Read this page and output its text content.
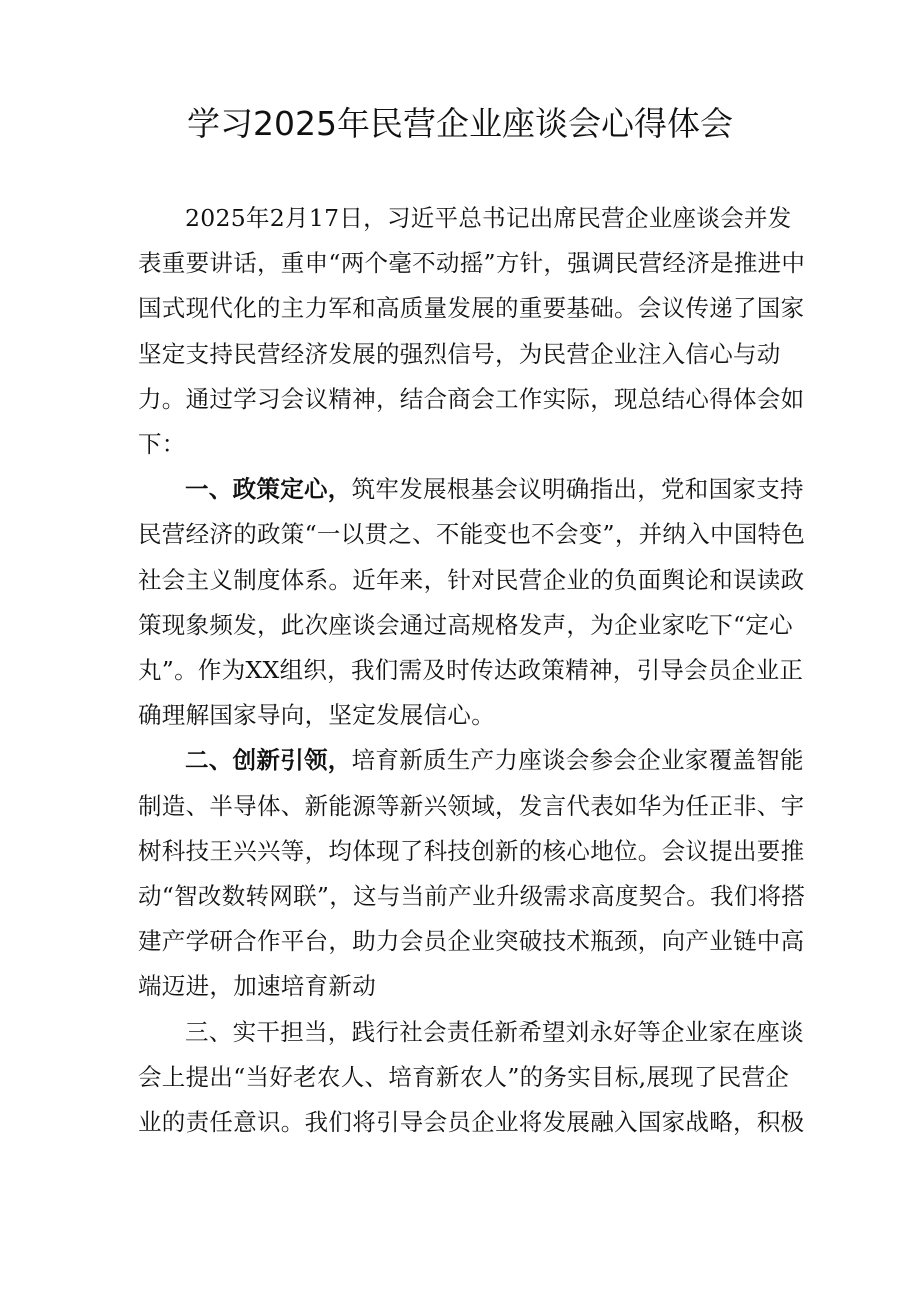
学习2025年民营企业座谈会心得体会

2025年2月17日，习近平总书记出席民营企业座谈会并发表重要讲话，重申“两个毫不动摇”方针，强调民营经济是推进中国式现代化的主力军和高质量发展的重要基础。会议传递了国家坚定支持民营经济发展的强烈信号，为民营企业注入信心与动力。通过学习会议精神，结合商会工作实际，现总结心得体会如下：

一、政策定心，筑牢发展根基会议明确指出，党和国家支持民营经济的政策“一以贯之、不能变也不会变”，并纳入中国特色社会主义制度体系。近年来，针对民营企业的负面舆论和误读政策现象频发，此次座谈会通过高规格发声，为企业家吃下“定心丸”。作为XX组织，我们需及时传达政策精神，引导会员企业正确理解国家导向，坚定发展信心。

二、创新引领，培育新质生产力座谈会参会企业家覆盖智能制造、半导体、新能源等新兴领域，发言代表如华为任正非、宇树科技王兴兴等，均体现了科技创新的核心地位。会议提出要推动“智改数转网联”，这与当前产业升级需求高度契合。我们将搭建产学研合作平台，助力会员企业突破技术瓶颈，向产业链中高端迈进，加速培育新动

三、实干担当，践行社会责任新希望刘永好等企业家在座谈会上提出“当好老农人、培育新农人”的务实目标,展现了民营企业的责任意识。我们将引导会员企业将发展融入国家战略，积极
